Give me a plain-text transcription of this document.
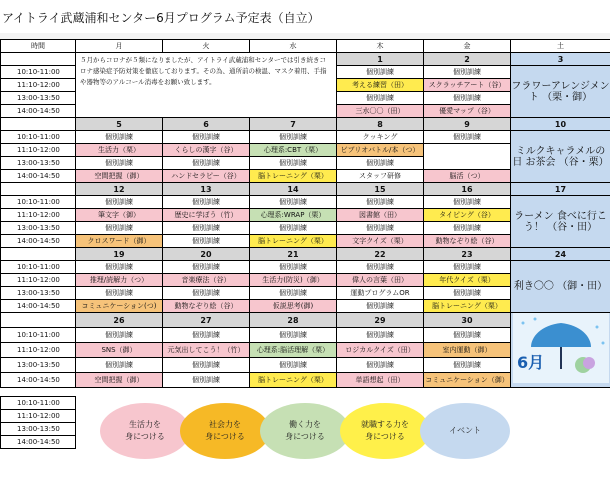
アイトライ武蔵浦和センター6月プログラム予定表（自立）
時間	月	火	水	木	金	土
	５月からコロナが５類になりましたが、アイトライ武蔵浦和センターでは引き続きコロナ感染症予防対策を徹底しております。その為、通所前の検温、マスク着用、手指や器物等のアルコール消毒をお願い致します。			1	2	3
10:10-11:00				個別訓練	個別訓練	フラワーアレンジメント （栗・御）
11:10-12:00				考える練習（田）	スクラッチアート（谷）	
13:00-13:50				個別訓練	個別訓練	
14:00-14:50				三水〇〇（田）	優愛マップ（谷）	
	5	6	7	8	9	10
10:10-11:00	個別訓練	個別訓練	個別訓練	クッキング	個別訓練	ミルクキャラメルの日 お茶会 （谷・栗）
11:10-12:00	生活力（栗）	くらしの漢字（谷）	心理系:CBT（栗）	ビブリオバトル/本（つ）		
13:00-13:50	個別訓練	個別訓練	個別訓練	個別訓練		
14:00-14:50	空間把握（御）	ハンドセラピー（谷）	脳トレーニング（栗）	スタッフ研修	脳活（つ）	
	12	13	14	15	16	17
10:10-11:00	個別訓練	個別訓練	個別訓練	個別訓練	個別訓練	ラーメン 食べに行こう！ （谷・田）
11:10-12:00	筆文字（御）	歴史に学ぼう（竹）	心理系:WRAP（栗）	図書館（田）	タイピング（谷）	
13:00-13:50	個別訓練	個別訓練	個別訓練	個別訓練	個別訓練	
14:00-14:50	クロスワード（御）	個別訓練	脳トレーニング（栗）	文字クイズ（栗）	動物なぞり絵（谷）	
	19	20	21	22	23	24
10:10-11:00	個別訓練	個別訓練	個別訓練	個別訓練	個別訓練	利き〇〇 （御・田）
11:10-12:00	推理/読解力（つ）	音楽療法（谷）	生活力(防災)（御）	偉人の言葉（田）	年代クイズ（栗）	
13:00-13:50	個別訓練	個別訓練	個別訓練	運動プログラムOR	個別訓練	
14:00-14:50	コミュニケーション(つ)	動物なぞり絵（谷）	仮説思考(御)	個別訓練	脳トレーニング（栗）	
	26	27	28	29	30	6月

10:10-11:00	個別訓練	個別訓練	個別訓練	個別訓練	個別訓練	
11:10-12:00	SNS（御）	元気出してこう！（竹）	心理系:脳活理解（栗）	ロジカルクイズ（田）	室内運動（御）	
13:00-13:50	個別訓練	個別訓練	個別訓練	個別訓練	個別訓練	
14:00-14:50	空間把握（御）	個別訓練	脳トレーニング（栗）	単語想起（田）	コミュニケーション（御）	

10:10-11:00						
11:10-12:00						
13:00-13:50						
14:00-14:50						
生活力を
身につける
社会力を
身につける
働く力を
身につける
就職する力を
身につける
イベント
